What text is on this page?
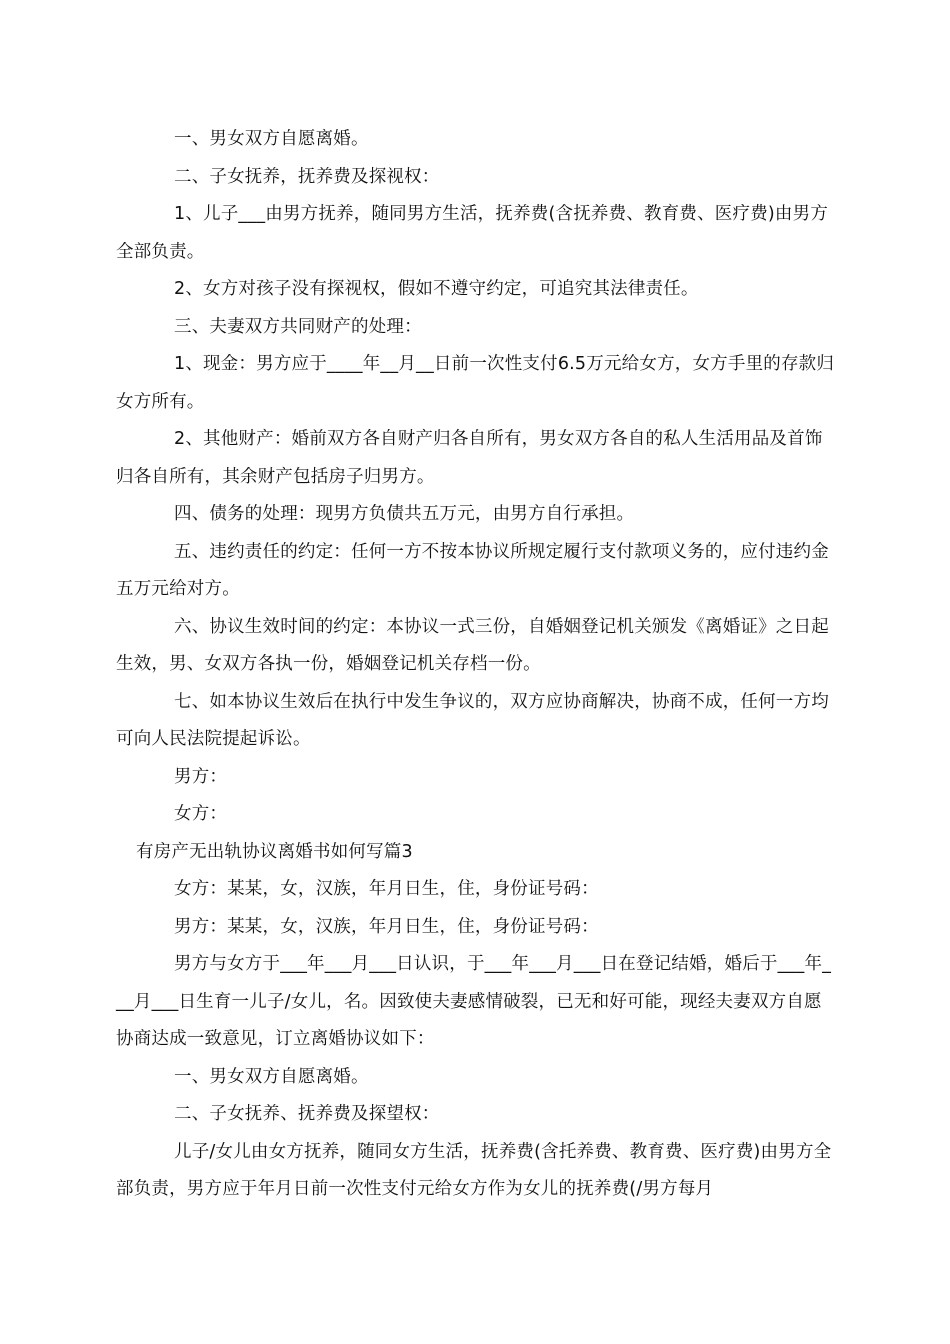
一、男女双方自愿离婚。

二、子女抚养，抚养费及探视权：

1、儿子___由男方抚养，随同男方生活，抚养费(含抚养费、教育费、医疗费)由男方全部负责。

2、女方对孩子没有探视权，假如不遵守约定，可追究其法律责任。

三、夫妻双方共同财产的处理：

1、现金：男方应于____年__月__日前一次性支付6.5万元给女方，女方手里的存款归女方所有。

2、其他财产：婚前双方各自财产归各自所有，男女双方各自的私人生活用品及首饰归各自所有，其余财产包括房子归男方。

四、债务的处理：现男方负债共五万元，由男方自行承担。

五、违约责任的约定：任何一方不按本协议所规定履行支付款项义务的，应付违约金五万元给对方。

六、协议生效时间的约定：本协议一式三份，自婚姻登记机关颁发《离婚证》之日起生效，男、女双方各执一份，婚姻登记机关存档一份。

七、如本协议生效后在执行中发生争议的，双方应协商解决，协商不成，任何一方均可向人民法院提起诉讼。

男方：

女方：

有房产无出轨协议离婚书如何写篇3

女方：某某，女，汉族，年月日生，住，身份证号码：

男方：某某，女，汉族，年月日生，住，身份证号码：

男方与女方于___年___月___日认识，于___年___月___日在登记结婚，婚后于___年___月___日生育一儿子/女儿，名。因致使夫妻感情破裂，已无和好可能，现经夫妻双方自愿协商达成一致意见，订立离婚协议如下：

一、男女双方自愿离婚。

二、子女抚养、抚养费及探望权：

儿子/女儿由女方抚养，随同女方生活，抚养费(含托养费、教育费、医疗费)由男方全部负责，男方应于年月日前一次性支付元给女方作为女儿的抚养费(/男方每月
